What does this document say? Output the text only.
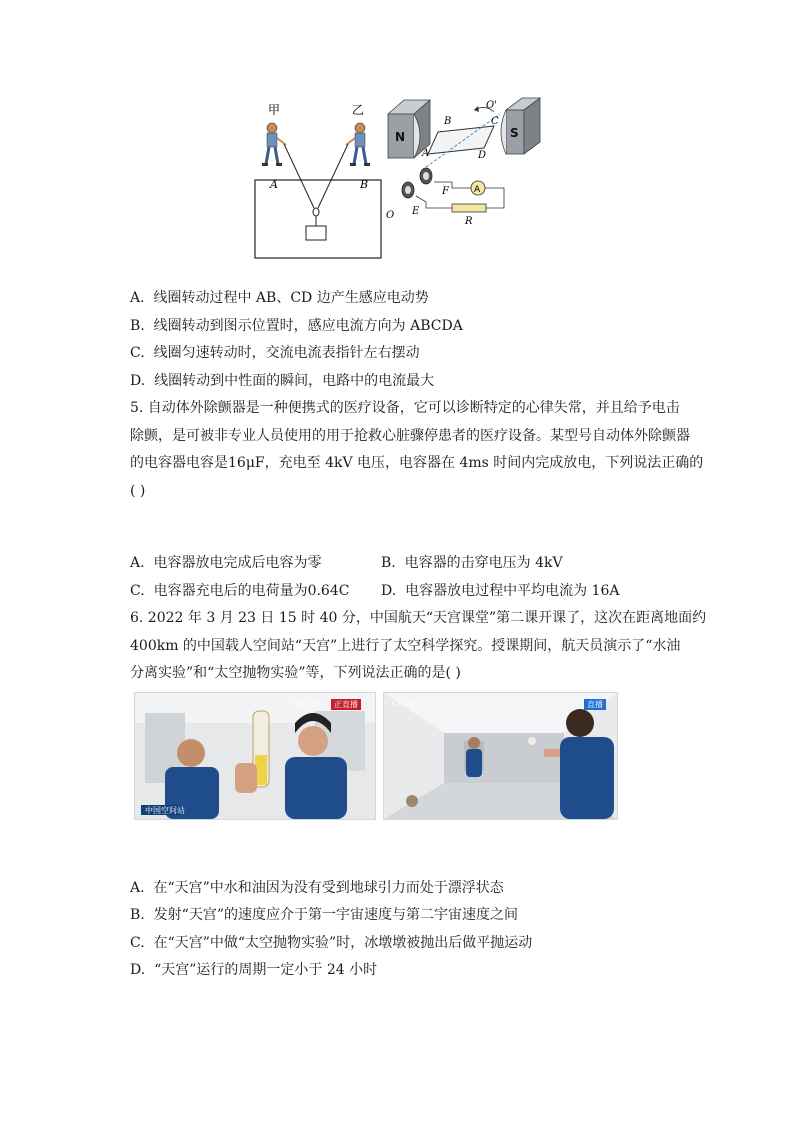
甲	乙
A	B
N	S
O'
B	C
A	D
F
E
O
A
R
A. 线圈转动过程中 AB、CD 边产生感应电动势
B. 线圈转动到图示位置时，感应电流方向为 ABCDA
C. 线圈匀速转动时，交流电流表指针左右摆动
D. 线圈转动到中性面的瞬间，电路中的电流最大
5. 自动体外除颤器是一种便携式的医疗设备，它可以诊断特定的心律失常，并且给予电击
除颤，是可被非专业人员使用的用于抢救心脏骤停患者的医疗设备。某型号自动体外除颤器
的电容器电容是16μF，充电至 4kV 电压，电容器在 4ms 时间内完成放电，下列说法正确的
( )
A. 电容器放电完成后电容为零	B. 电容器的击穿电压为 4kV
C. 电容器充电后的电荷量为0.64C D. 电容器放电过程中平均电流为 16A
6. 2022 年 3 月 23 日 15 时 40 分，中国航天“天宫课堂”第二课开课了，这次在距离地面约
400km 的中国载人空间站“天宫”上进行了太空科学探究。授课期间，航天员演示了“水油
分离实验”和“太空抛物实验”等，下列说法正确的是( )
CCTV	正直播
中国空间站
CCTV	直播
A. 在“天宫”中水和油因为没有受到地球引力而处于漂浮状态
B. 发射“天宫”的速度应介于第一宇宙速度与第二宇宙速度之间
C. 在“天宫”中做“太空抛物实验”时，冰墩墩被抛出后做平抛运动
D. “天宫”运行的周期一定小于 24 小时
